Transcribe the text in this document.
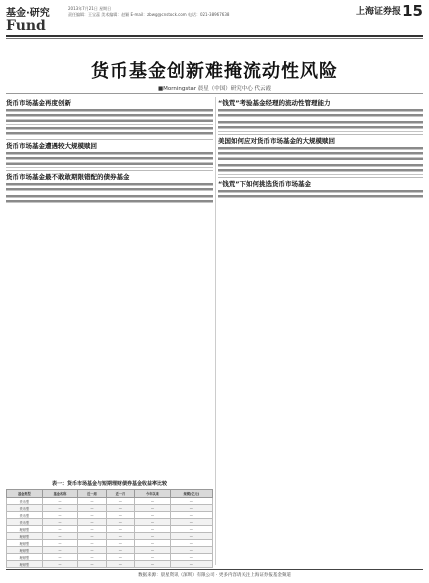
基金·研究
Fund
2013年7月21日 星期日
责任编辑：王宝蕊 美术编辑：赵颖 E-mail：zbwg@cnstock.com 电话：021-38967638	上海证券报 15
货币基金创新难掩流动性风险
■Morningstar 晨星（中国）研究中心 代云霞
货币市场基金再度创新

货币市场基金遭遇较大规模赎回

货币市场基金最不敢敢期限错配的债券基金

表一：货币市场基金与短期理财债券基金收益率比较
基金类型	基金名称	近一周	近一月	今年以来	规模(亿元)
货币型	—	—	—	—	—
货币型	—	—	—	—	—
货币型	—	—	—	—	—
货币型	—	—	—	—	—
理财型	—	—	—	—	—
理财型	—	—	—	—	—
理财型	—	—	—	—	—
理财型	—	—	—	—	—
理财型	—	—	—	—	—
理财型	—	—	—	—	—
“钱荒”考验基金经理的流动性管理能力

美国如何应对货币市场基金的大规模赎回

“钱荒”下如何挑选货币市场基金

数据来源：晨星资讯（深圳）有限公司 · 更多内容请关注上海证券报基金频道
